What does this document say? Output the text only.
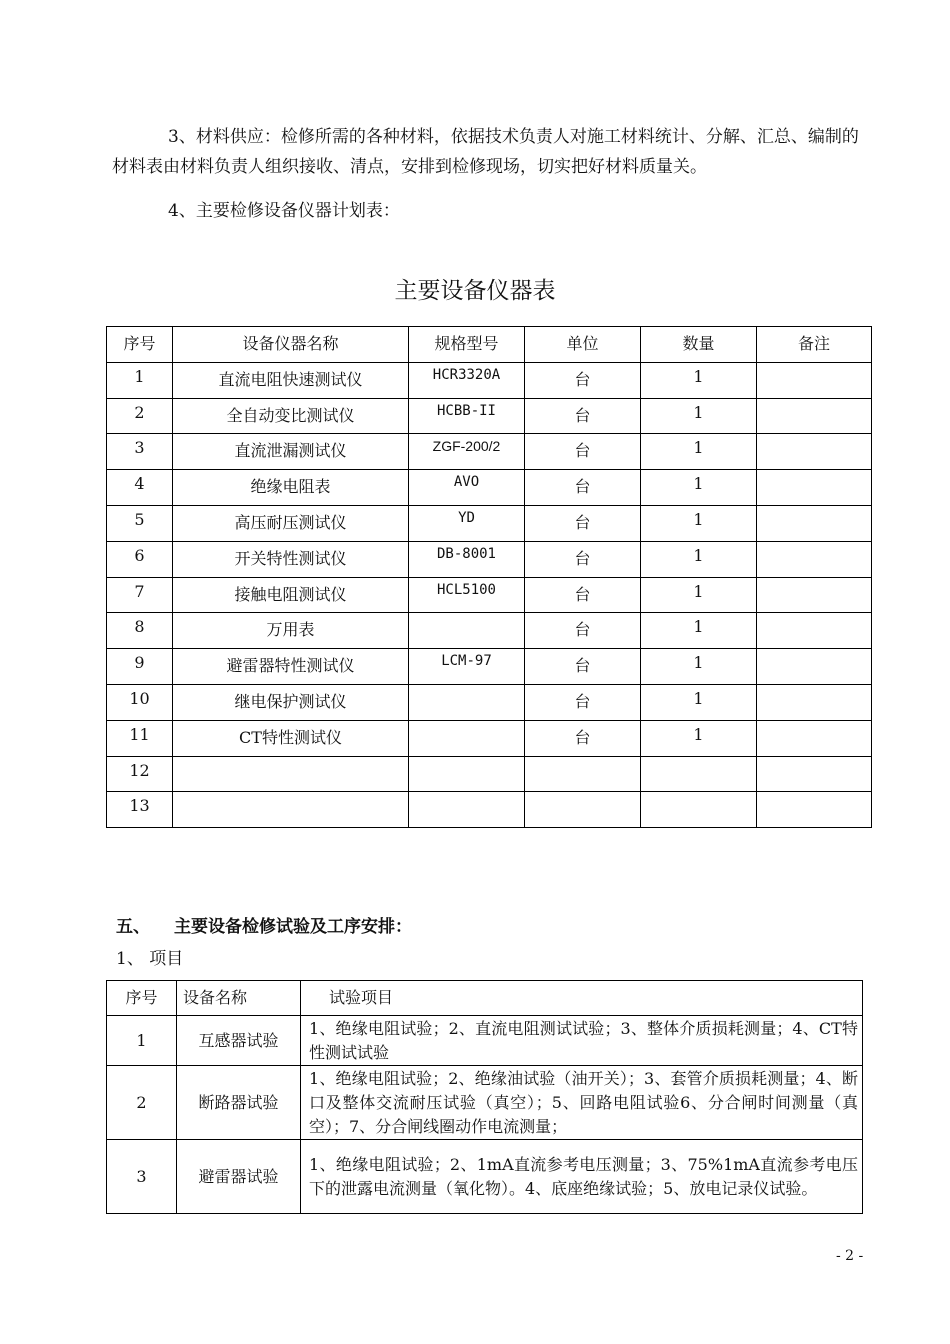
3、材料供应：检修所需的各种材料，依据技术负责人对施工材料统计、分解、汇总、编制的材料表由材料负责人组织接收、清点，安排到检修现场，切实把好材料质量关。

4、主要检修设备仪器计划表：

主要设备仪器表
序号	设备仪器名称	规格型号	单位	数量	备注
1	直流电阻快速测试仪	HCR3320A	台	1	
2	全自动变比测试仪	HCBB-II	台	1	
3	直流泄漏测试仪	ZGF-200/2	台	1	
4	绝缘电阻表	AVO	台	1	
5	高压耐压测试仪	YD	台	1	
6	开关特性测试仪	DB-8001	台	1	
7	接触电阻测试仪	HCL5100	台	1	
8	万用表		台	1	
9	避雷器特性测试仪	LCM-97	台	1	
10	继电保护测试仪		台	1	
11	CT特性测试仪		台	1	
12					
13					

五、 主要设备检修试验及工序安排：

1、 项目

序号	设备名称	试验项目
1	互感器试验	1、绝缘电阻试验；2、直流电阻测试试验；3、整体介质损耗测量；4、CT特性测试试验
2	断路器试验	1、绝缘电阻试验；2、绝缘油试验（油开关）；3、套管介质损耗测量；4、断口及整体交流耐压试验（真空）；5、回路电阻试验6、分合闸时间测量（真空）；7、分合闸线圈动作电流测量；
3	避雷器试验	1、绝缘电阻试验；2、1mA直流参考电压测量；3、75%1mA直流参考电压下的泄露电流测量（氧化物）。4、底座绝缘试验；5、放电记录仪试验。

- 2 -
